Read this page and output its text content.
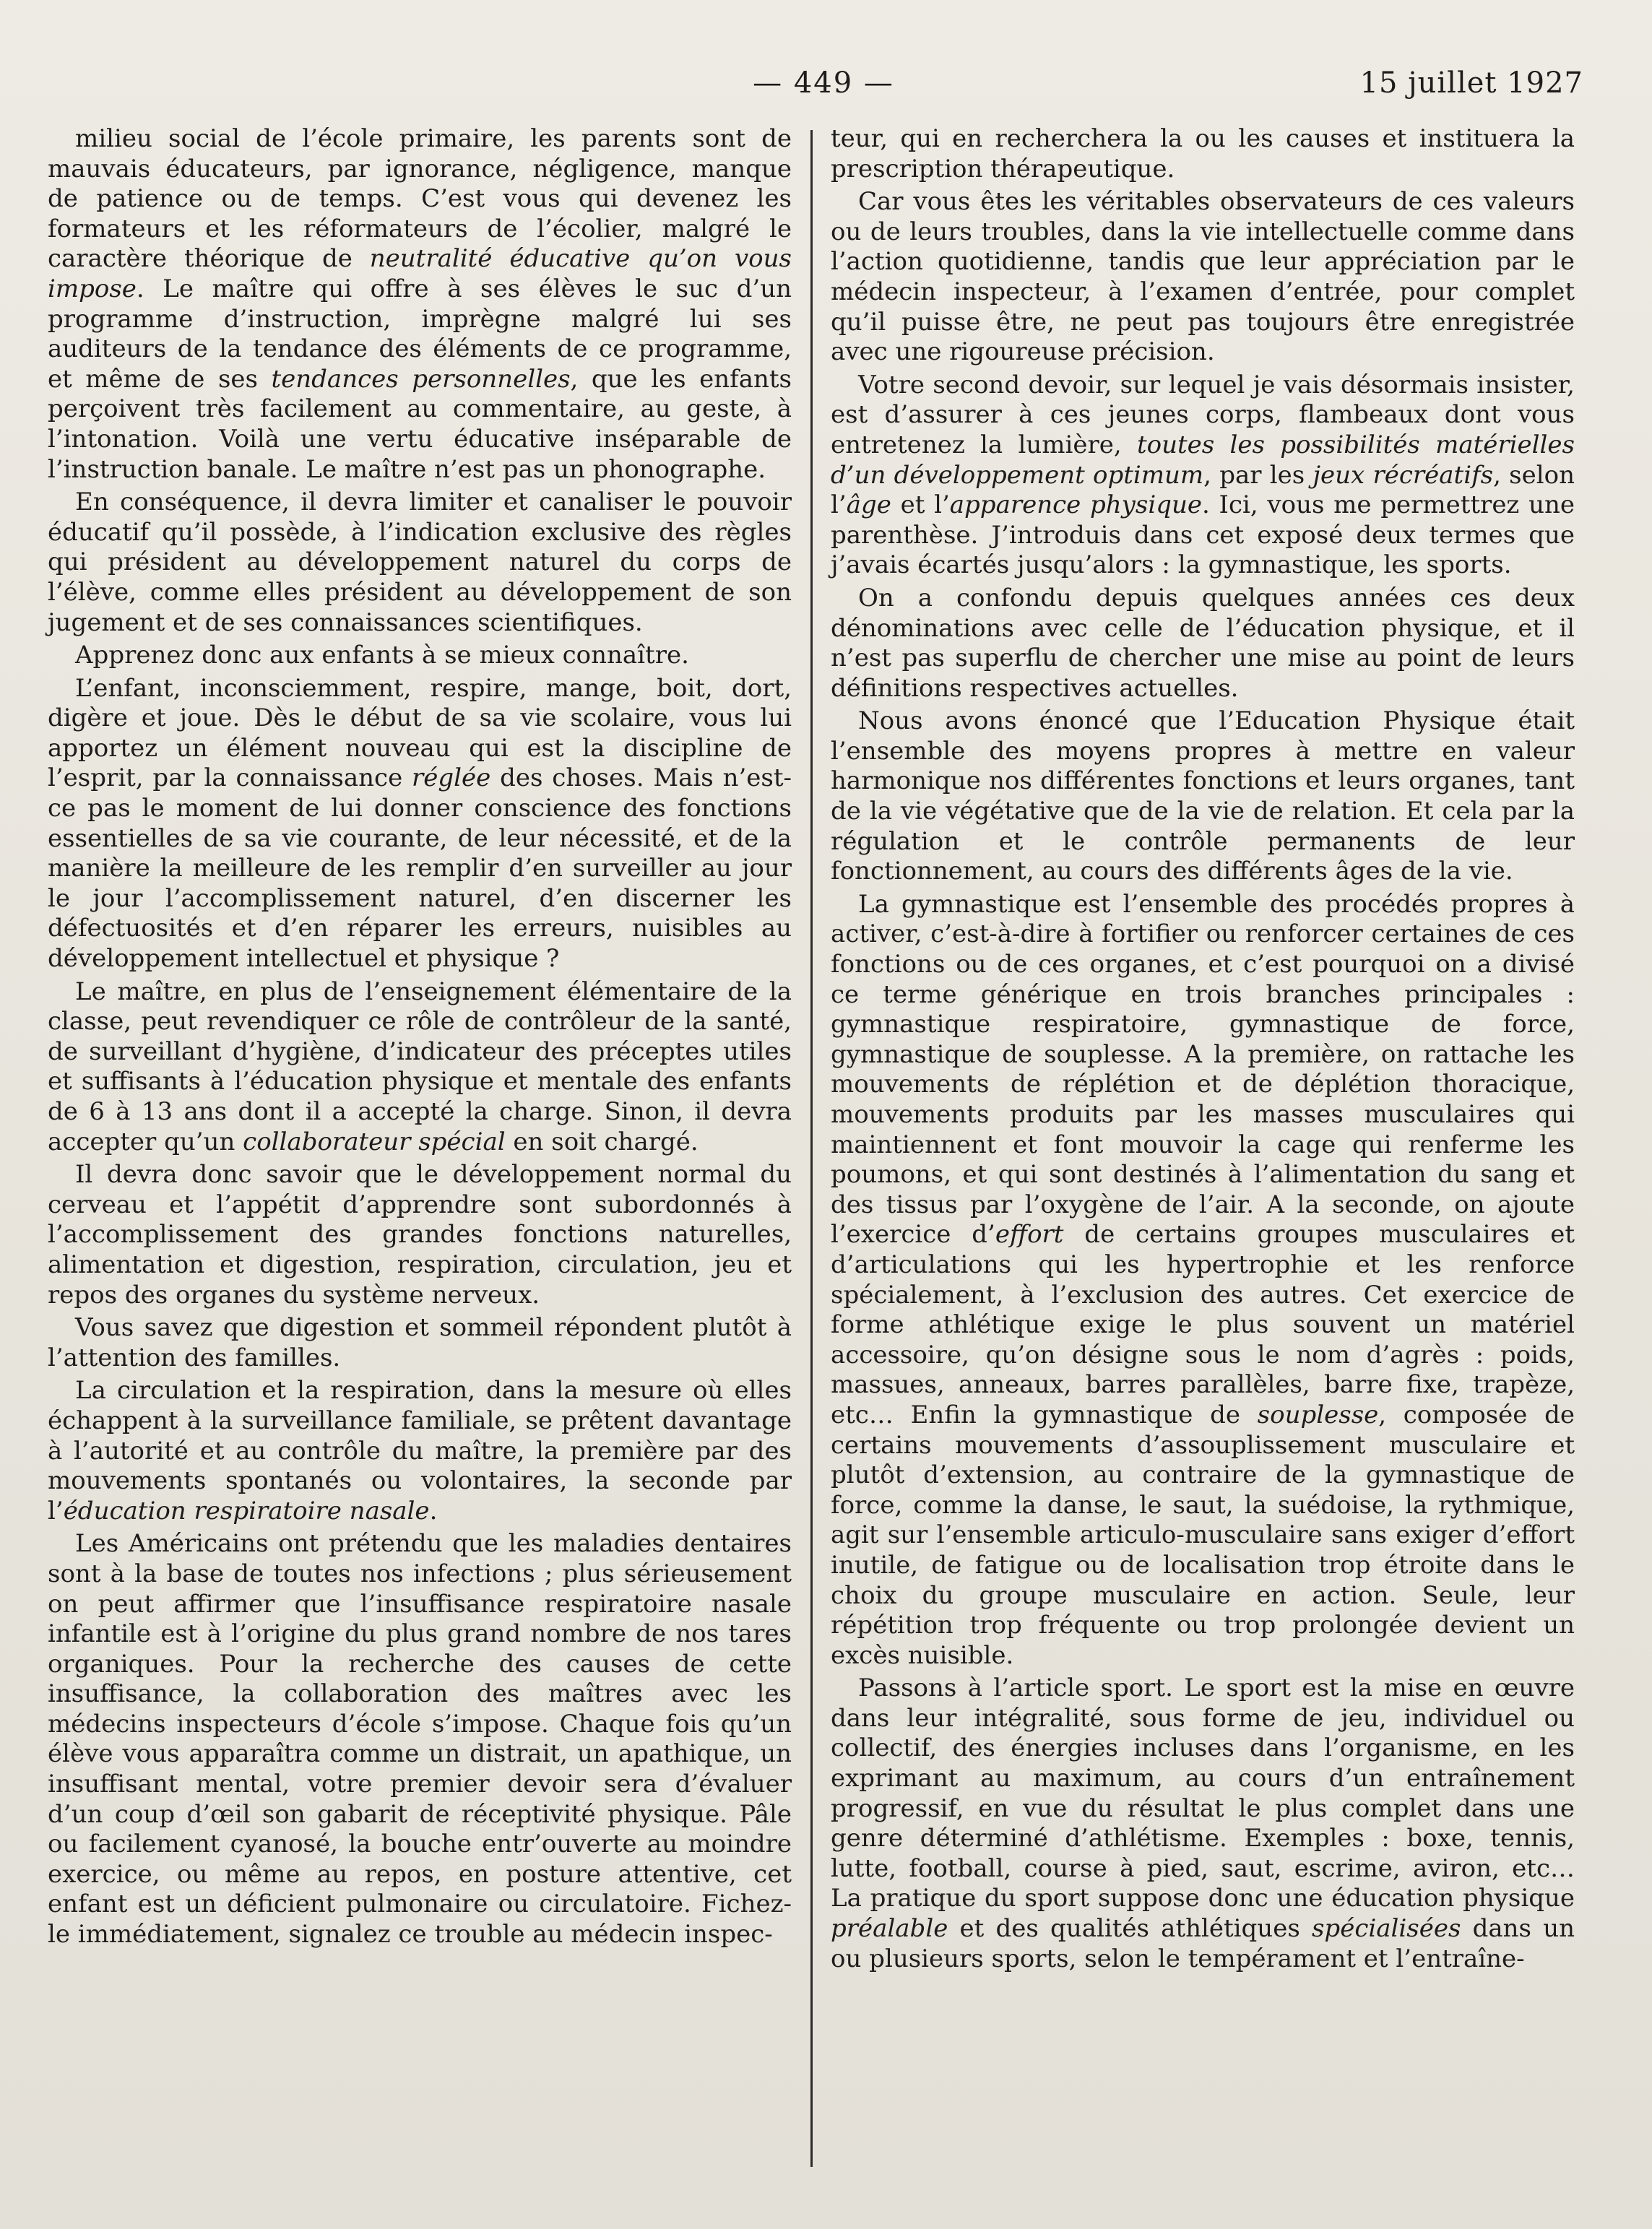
— 449 —	15 juillet 1927

milieu social de l’école primaire, les parents sont de mauvais éducateurs, par ignorance, négligence, manque de patience ou de temps. C’est vous qui devenez les formateurs et les réformateurs de l’écolier, malgré le caractère théorique de neutralité éducative qu’on vous impose. Le maître qui offre à ses élèves le suc d’un programme d’instruction, imprègne malgré lui ses auditeurs de la tendance des éléments de ce programme, et même de ses tendances personnelles, que les enfants perçoivent très facilement au commentaire, au geste, à l’intonation. Voilà une vertu éducative inséparable de l’instruction banale. Le maître n’est pas un phonographe.

En conséquence, il devra limiter et canaliser le pouvoir éducatif qu’il possède, à l’indication exclusive des règles qui président au développement naturel du corps de l’élève, comme elles président au développement de son jugement et de ses connaissances scientifiques.

Apprenez donc aux enfants à se mieux connaître.

L’enfant, inconsciemment, respire, mange, boit, dort, digère et joue. Dès le début de sa vie scolaire, vous lui apportez un élément nouveau qui est la discipline de l’esprit, par la connaissance réglée des choses. Mais n’est-ce pas le moment de lui donner conscience des fonctions essentielles de sa vie courante, de leur nécessité, et de la manière la meilleure de les remplir d’en surveiller au jour le jour l’accomplissement naturel, d’en discerner les défectuosités et d’en réparer les erreurs, nuisibles au développement intellectuel et physique ?

Le maître, en plus de l’enseignement élémentaire de la classe, peut revendiquer ce rôle de contrôleur de la santé, de surveillant d’hygiène, d’indicateur des préceptes utiles et suffisants à l’éducation physique et mentale des enfants de 6 à 13 ans dont il a accepté la charge. Sinon, il devra accepter qu’un collaborateur spécial en soit chargé.

Il devra donc savoir que le développement normal du cerveau et l’appétit d’apprendre sont subordonnés à l’accomplissement des grandes fonctions naturelles, alimentation et digestion, respiration, circulation, jeu et repos des organes du système nerveux.

Vous savez que digestion et sommeil répondent plutôt à l’attention des familles.

La circulation et la respiration, dans la mesure où elles échappent à la surveillance familiale, se prêtent davantage à l’autorité et au contrôle du maître, la première par des mouvements spontanés ou volontaires, la seconde par l’éducation respiratoire nasale.

Les Américains ont prétendu que les maladies dentaires sont à la base de toutes nos infections ; plus sérieusement on peut affirmer que l’insuffisance respiratoire nasale infantile est à l’origine du plus grand nombre de nos tares organiques. Pour la recherche des causes de cette insuffisance, la collaboration des maîtres avec les médecins inspecteurs d’école s’impose. Chaque fois qu’un élève vous apparaîtra comme un distrait, un apathique, un insuffisant mental, votre premier devoir sera d’évaluer d’un coup d’œil son gabarit de réceptivité physique. Pâle ou facilement cyanosé, la bouche entr’ouverte au moindre exercice, ou même au repos, en posture attentive, cet enfant est un déficient pulmonaire ou circulatoire. Fichez-le immédiatement, signalez ce trouble au médecin inspec-

teur, qui en recherchera la ou les causes et instituera la prescription thérapeutique.

Car vous êtes les véritables observateurs de ces valeurs ou de leurs troubles, dans la vie intellectuelle comme dans l’action quotidienne, tandis que leur appréciation par le médecin inspecteur, à l’examen d’entrée, pour complet qu’il puisse être, ne peut pas toujours être enregistrée avec une rigoureuse précision.

Votre second devoir, sur lequel je vais désormais insister, est d’assurer à ces jeunes corps, flambeaux dont vous entretenez la lumière, toutes les possibilités matérielles d’un développement optimum, par les jeux récréatifs, selon l’âge et l’apparence physique. Ici, vous me permettrez une parenthèse. J’introduis dans cet exposé deux termes que j’avais écartés jusqu’alors : la gymnastique, les sports.

On a confondu depuis quelques années ces deux dénominations avec celle de l’éducation physique, et il n’est pas superflu de chercher une mise au point de leurs définitions respectives actuelles.

Nous avons énoncé que l’Education Physique était l’ensemble des moyens propres à mettre en valeur harmonique nos différentes fonctions et leurs organes, tant de la vie végétative que de la vie de relation. Et cela par la régulation et le contrôle permanents de leur fonctionnement, au cours des différents âges de la vie.

La gymnastique est l’ensemble des procédés propres à activer, c’est-à-dire à fortifier ou renforcer certaines de ces fonctions ou de ces organes, et c’est pourquoi on a divisé ce terme générique en trois branches principales : gymnastique respiratoire, gymnastique de force, gymnastique de souplesse. A la première, on rattache les mouvements de réplétion et de déplétion thoracique, mouvements produits par les masses musculaires qui maintiennent et font mouvoir la cage qui renferme les poumons, et qui sont destinés à l’alimentation du sang et des tissus par l’oxygène de l’air. A la seconde, on ajoute l’exercice d’effort de certains groupes musculaires et d’articulations qui les hypertrophie et les renforce spécialement, à l’exclusion des autres. Cet exercice de forme athlétique exige le plus souvent un matériel accessoire, qu’on désigne sous le nom d’agrès : poids, massues, anneaux, barres parallèles, barre fixe, trapèze, etc… Enfin la gymnastique de souplesse, composée de certains mouvements d’assouplissement musculaire et plutôt d’extension, au contraire de la gymnastique de force, comme la danse, le saut, la suédoise, la rythmique, agit sur l’ensemble articulo-musculaire sans exiger d’effort inutile, de fatigue ou de localisation trop étroite dans le choix du groupe musculaire en action. Seule, leur répétition trop fréquente ou trop prolongée devient un excès nuisible.

Passons à l’article sport. Le sport est la mise en œuvre dans leur intégralité, sous forme de jeu, individuel ou collectif, des énergies incluses dans l’organisme, en les exprimant au maximum, au cours d’un entraînement progressif, en vue du résultat le plus complet dans une genre déterminé d’athlétisme. Exemples : boxe, tennis, lutte, football, course à pied, saut, escrime, aviron, etc… La pratique du sport suppose donc une éducation physique préalable et des qualités athlétiques spécialisées dans un ou plusieurs sports, selon le tempérament et l’entraîne-
